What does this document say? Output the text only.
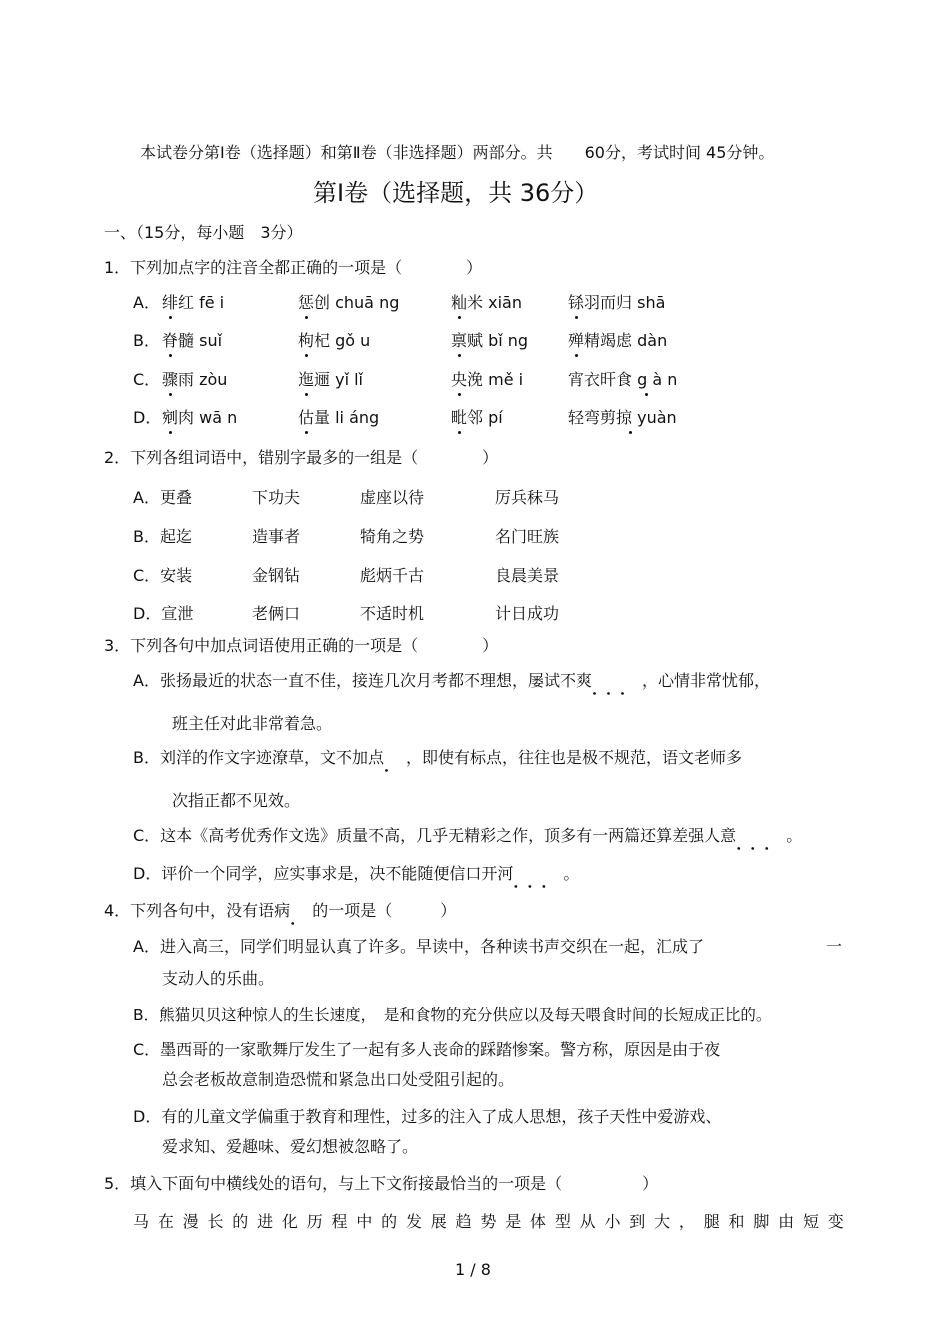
本试卷分第Ⅰ卷（选择题）和第Ⅱ卷（非选择题）两部分。共　　60分，考试时间 45分钟。
第Ⅰ卷（选择题，共 36分）
一、（15分，每小题　3分）
1．下列加点字的注音全都正确的一项是（　　　　）
A． 绯红 fē i	惩创 chuā ng	籼米 xiān	铩羽而归 shā
B． 脊髓 suǐ	枸杞 gǒ u	禀赋 bǐ ng 殚精竭虑 dàn
C． 骤雨 zòu	迤逦 yǐ lǐ	央浼 mě i	宵衣旰食 g à n
D． 剜肉 wā n	估量 li áng	毗邻 pí	轻弯剪掠 yuàn
2．下列各组词语中，错别字最多的一组是（　　　　）
A．更叠	下功夫	虚座以待	厉兵秣马
B．起迄	造事者	犄角之势	名门旺族
C．安装	金钢钻	彪炳千古	良晨美景
D．宣泄	老俩口	不适时机	计日成功
3．下列各句中加点词语使用正确的一项是（　　　　）
A．张扬最近的状态一直不佳，接连几次月考都不理想，屡试不爽．．．，心情非常忧郁，
班主任对此非常着急。
B．刘洋的作文字迹潦草，文不加点．，即使有标点，往往也是极不规范，语文老师多
次指正都不见效。
C．这本《高考优秀作文选》质量不高，几乎无精彩之作，顶多有一两篇还算差强人意．．．。
D．评价一个同学，应实事求是，决不能随便信口开河．．．。
4．下列各句中，没有语病．的一项是（　　　）
A．进入高三，同学们明显认真了许多。早读中，各种读书声交织在一起，汇成了	一
支动人的乐曲。
B．熊猫贝贝这种惊人的生长速度，　是和食物的充分供应以及每天喂食时间的长短成正比的。
C．墨西哥的一家歌舞厅发生了一起有多人丧命的踩踏惨案。警方称，原因是由于夜
总会老板故意制造恐慌和紧急出口处受阻引起的。
D．有的儿童文学偏重于教育和理性，过多的注入了成人思想，孩子天性中爱游戏、
爱求知、爱趣味、爱幻想被忽略了。
5．填入下面句中横线处的语句，与上下文衔接最恰当的一项是（　　　　　）
马 在 漫 长 的 进 化 历 程 中 的 发 展 趋 势 是 体 型 从 小 到 大 ， 腿 和 脚 由 短 变
1 / 8
